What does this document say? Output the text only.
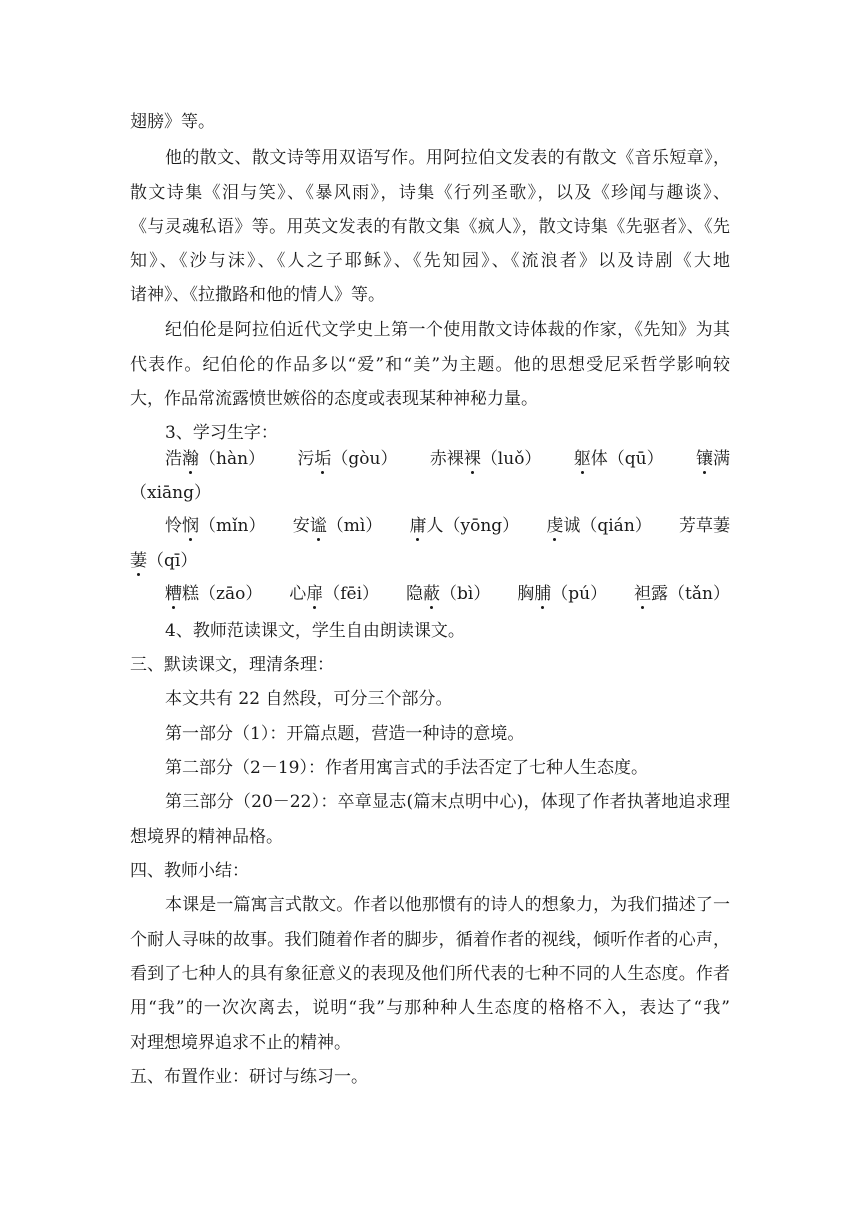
翅膀》等。
他的散文、散文诗等用双语写作。用阿拉伯文发表的有散文《音乐短章》，
散文诗集《泪与笑》、《暴风雨》，诗集《行列圣歌》，以及《珍闻与趣谈》、
《与灵魂私语》等。用英文发表的有散文集《疯人》，散文诗集《先驱者》、《先
知》、《沙与沫》、《人之子耶稣》、《先知园》、《流浪者》以及诗剧《大地
诸神》、《拉撒路和他的情人》等。
纪伯伦是阿拉伯近代文学史上第一个使用散文诗体裁的作家，《先知》为其
代表作。纪伯伦的作品多以“爱”和“美”为主题。他的思想受尼采哲学影响较
大，作品常流露愤世嫉俗的态度或表现某种神秘力量。
3、学习生字：
浩瀚（hàn） 污垢（gòu） 赤裸裸（luǒ） 躯体（qū） 镶满
（xiāng）
怜悯（mǐn） 安谧（mì） 庸人（yōng） 虔诚（qián） 芳草萋
萋（qī）
糟糕（zāo） 心扉（fēi） 隐蔽（bì） 胸脯（pú） 袒露（tǎn）
4、教师范读课文，学生自由朗读课文。
三、默读课文，理清条理：
本文共有 22 自然段，可分三个部分。
第一部分（1）：开篇点题，营造一种诗的意境。
第二部分（2－19）：作者用寓言式的手法否定了七种人生态度。
第三部分（20－22）：卒章显志(篇末点明中心)，体现了作者执著地追求理
想境界的精神品格。
四、教师小结：
本课是一篇寓言式散文。作者以他那惯有的诗人的想象力，为我们描述了一
个耐人寻味的故事。我们随着作者的脚步，循着作者的视线，倾听作者的心声，
看到了七种人的具有象征意义的表现及他们所代表的七种不同的人生态度。作者
用“我”的一次次离去，说明“我”与那种种人生态度的格格不入，表达了“我”
对理想境界追求不止的精神。
五、布置作业：研讨与练习一。
